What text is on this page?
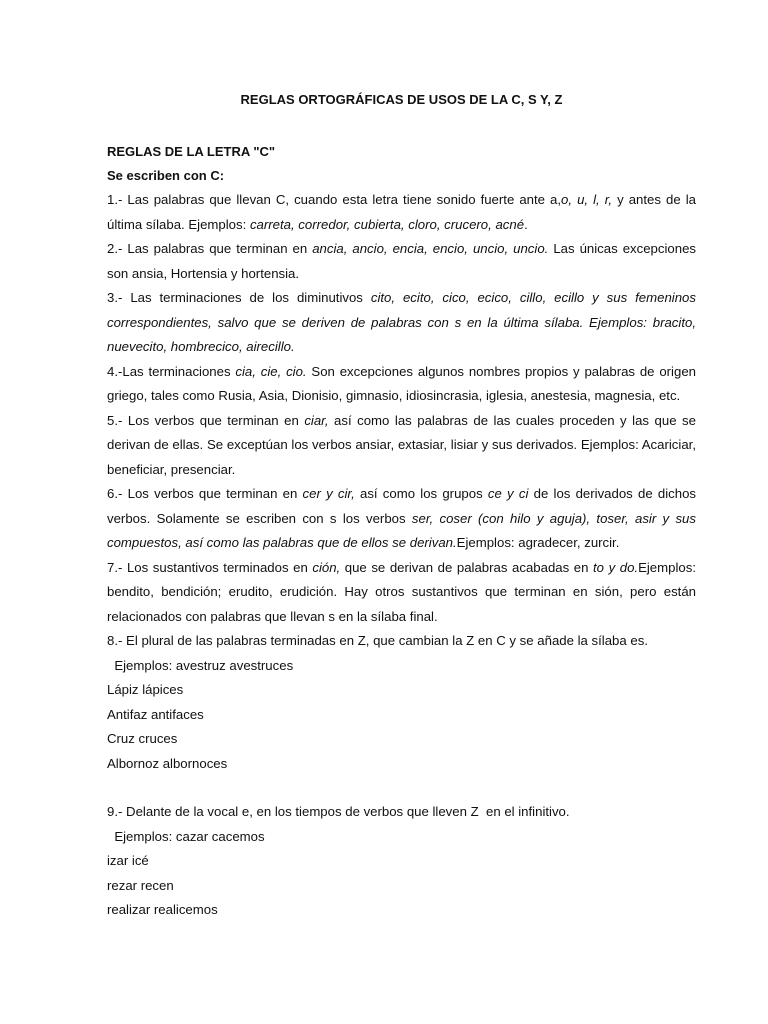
REGLAS ORTOGRÁFICAS DE USOS DE LA C, S Y, Z
REGLAS DE LA LETRA "C"
Se escriben con C:
1.- Las palabras que llevan C, cuando esta letra tiene sonido fuerte ante a,o, u, l, r, y antes de la última sílaba. Ejemplos: carreta, corredor, cubierta, cloro, crucero, acné.
2.- Las palabras que terminan en ancia, ancio, encia, encio, uncio, uncio. Las únicas excepciones son ansia, Hortensia y hortensia.
3.- Las terminaciones de los diminutivos cito, ecito, cico, ecico, cillo, ecillo y sus femeninos correspondientes, salvo que se deriven de palabras con s en la última sílaba. Ejemplos: bracito, nuevecito, hombrecico, airecillo.
4.-Las terminaciones cia, cie, cio. Son excepciones algunos nombres propios y palabras de origen griego, tales como Rusia, Asia, Dionisio, gimnasio, idiosincrasia, iglesia, anestesia, magnesia, etc.
5.- Los verbos que terminan en ciar, así como las palabras de las cuales proceden y las que se derivan de ellas. Se exceptúan los verbos ansiar, extasiar, lisiar y sus derivados. Ejemplos: Acariciar, beneficiar, presenciar.
6.- Los verbos que terminan en cer y cir, así como los grupos ce y ci de los derivados de dichos verbos. Solamente se escriben con s los verbos ser, coser (con hilo y aguja), toser, asir y sus compuestos, así como las palabras que de ellos se derivan.Ejemplos: agradecer, zurcir.
7.- Los sustantivos terminados en ción, que se derivan de palabras acabadas en to y do.Ejemplos: bendito, bendición; erudito, erudición. Hay otros sustantivos que terminan en sión, pero están relacionados con palabras que llevan s en la sílaba final.
8.- El plural de las palabras terminadas en Z, que cambian la Z en C y se añade la sílaba es.
Ejemplos: avestruz avestruces
Lápiz lápices
Antifaz antifaces
Cruz cruces
Albornoz albornoces
9.- Delante de la vocal e, en los tiempos de verbos que lleven Z  en el infinitivo.
Ejemplos: cazar cacemos
izar icé
rezar recen
realizar realicemos
